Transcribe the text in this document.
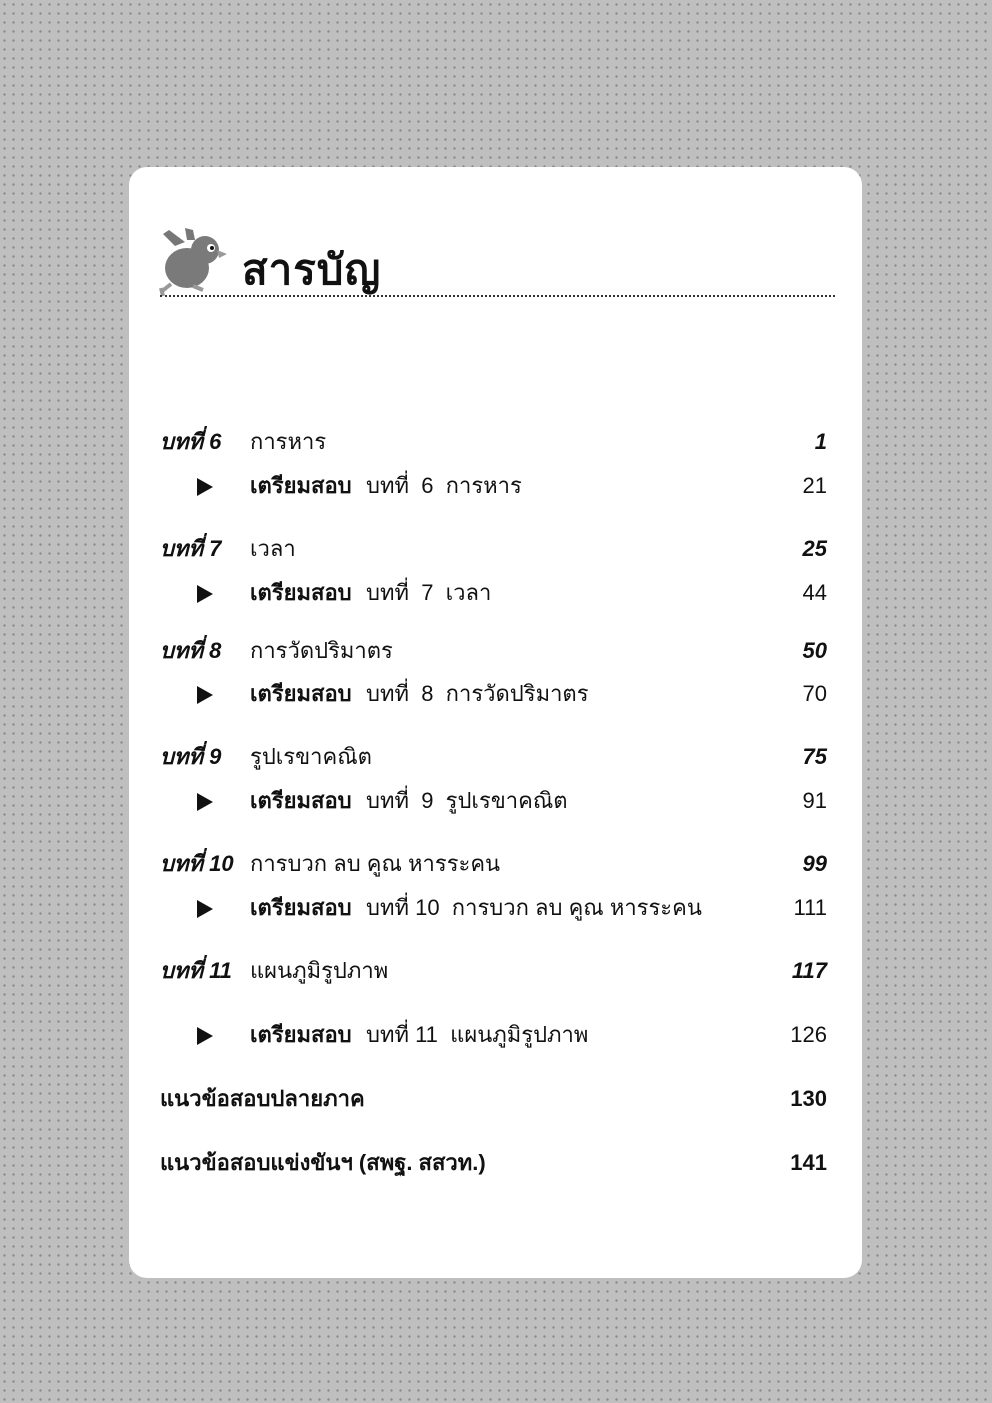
สารบัญ
บทที่ 6 การหาร	1
เตรียมสอบ บทที่  6  การหาร	21
บทที่ 7 เวลา	25
เตรียมสอบ บทที่  7  เวลา	44
บทที่ 8 การวัดปริมาตร	50
เตรียมสอบ บทที่  8  การวัดปริมาตร	70
บทที่ 9 รูปเรขาคณิต	75
เตรียมสอบ บทที่  9  รูปเรขาคณิต	91
บทที่ 10 การบวก ลบ คูณ หารระคน	99
เตรียมสอบ บทที่ 10  การบวก ลบ คูณ หารระคน	111
บทที่ 11 แผนภูมิรูปภาพ	117
เตรียมสอบ บทที่ 11  แผนภูมิรูปภาพ	126
แนวข้อสอบปลายภาค	130
แนวข้อสอบแข่งขันฯ (สพฐ. สสวท.)	141
